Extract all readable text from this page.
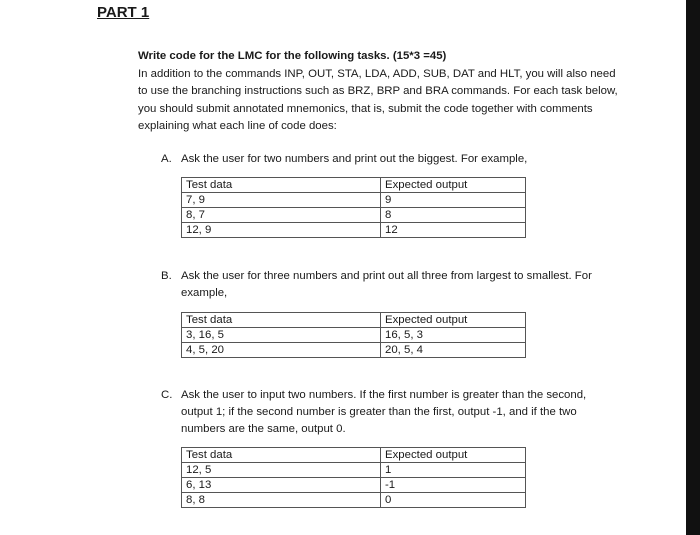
PART 1
Write code for the LMC for the following tasks. (15*3 =45)
In addition to the commands INP, OUT, STA, LDA, ADD, SUB, DAT and HLT, you will also need
to use the branching instructions such as BRZ, BRP and BRA commands. For each task below,
you should submit annotated mnemonics, that is, submit the code together with comments
explaining what each line of code does:
A. Ask the user for two numbers and print out the biggest. For example,
Test data	Expected output
7, 9	9
8, 7	8
12, 9	12
B. Ask the user for three numbers and print out all three from largest to smallest. For
example,
Test data	Expected output
3, 16, 5	16, 5, 3
4, 5, 20	20, 5, 4
C. Ask the user to input two numbers. If the first number is greater than the second,
output 1; if the second number is greater than the first, output -1, and if the two
numbers are the same, output 0.
Test data	Expected output
12, 5	1
6, 13	-1
8, 8	0
